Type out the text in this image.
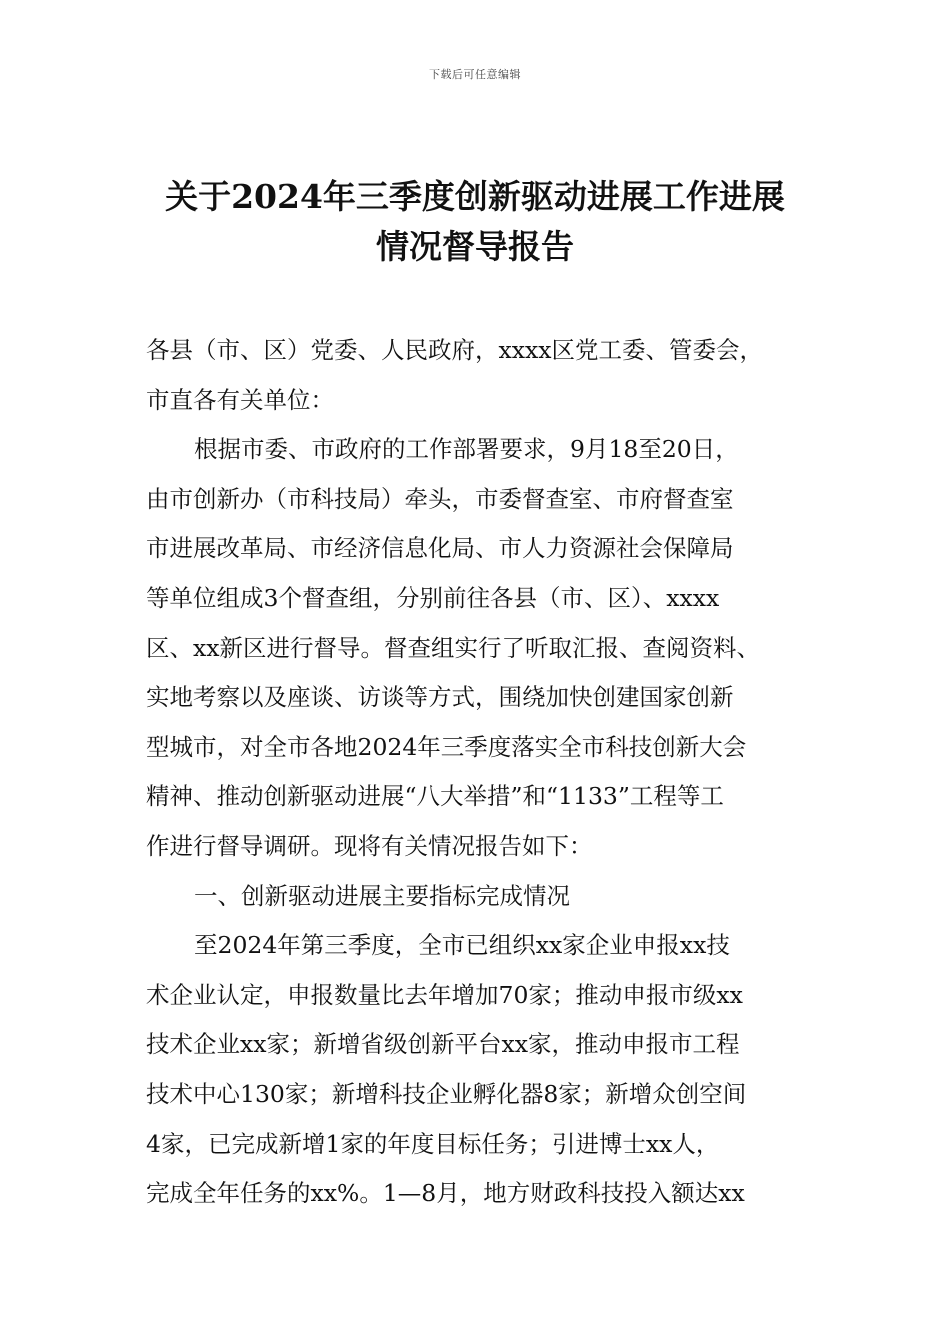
下载后可任意编辑
关于2024年三季度创新驱动进展工作进展
情况督导报告

各县（市、区）党委、人民政府，xxxx区党工委、管委会，

市直各有关单位：

根据市委、市政府的工作部署要求，9月18至20日，

由市创新办（市科技局）牵头，市委督查室、市府督查室

市进展改革局、市经济信息化局、市人力资源社会保障局

等单位组成3个督查组，分别前往各县（市、区）、xxxx

区、xx新区进行督导。督查组实行了听取汇报、查阅资料、

实地考察以及座谈、访谈等方式，围绕加快创建国家创新

型城市，对全市各地2024年三季度落实全市科技创新大会

精神、推动创新驱动进展“八大举措”和“1133”工程等工

作进行督导调研。现将有关情况报告如下：

一、创新驱动进展主要指标完成情况

至2024年第三季度，全市已组织xx家企业申报xx技

术企业认定，申报数量比去年增加70家；推动申报市级xx

技术企业xx家；新增省级创新平台xx家，推动申报市工程

技术中心130家；新增科技企业孵化器8家；新增众创空间

4家，已完成新增1家的年度目标任务；引进博士xx人，

完成全年任务的xx%。1—8月，地方财政科技投入额达xx
